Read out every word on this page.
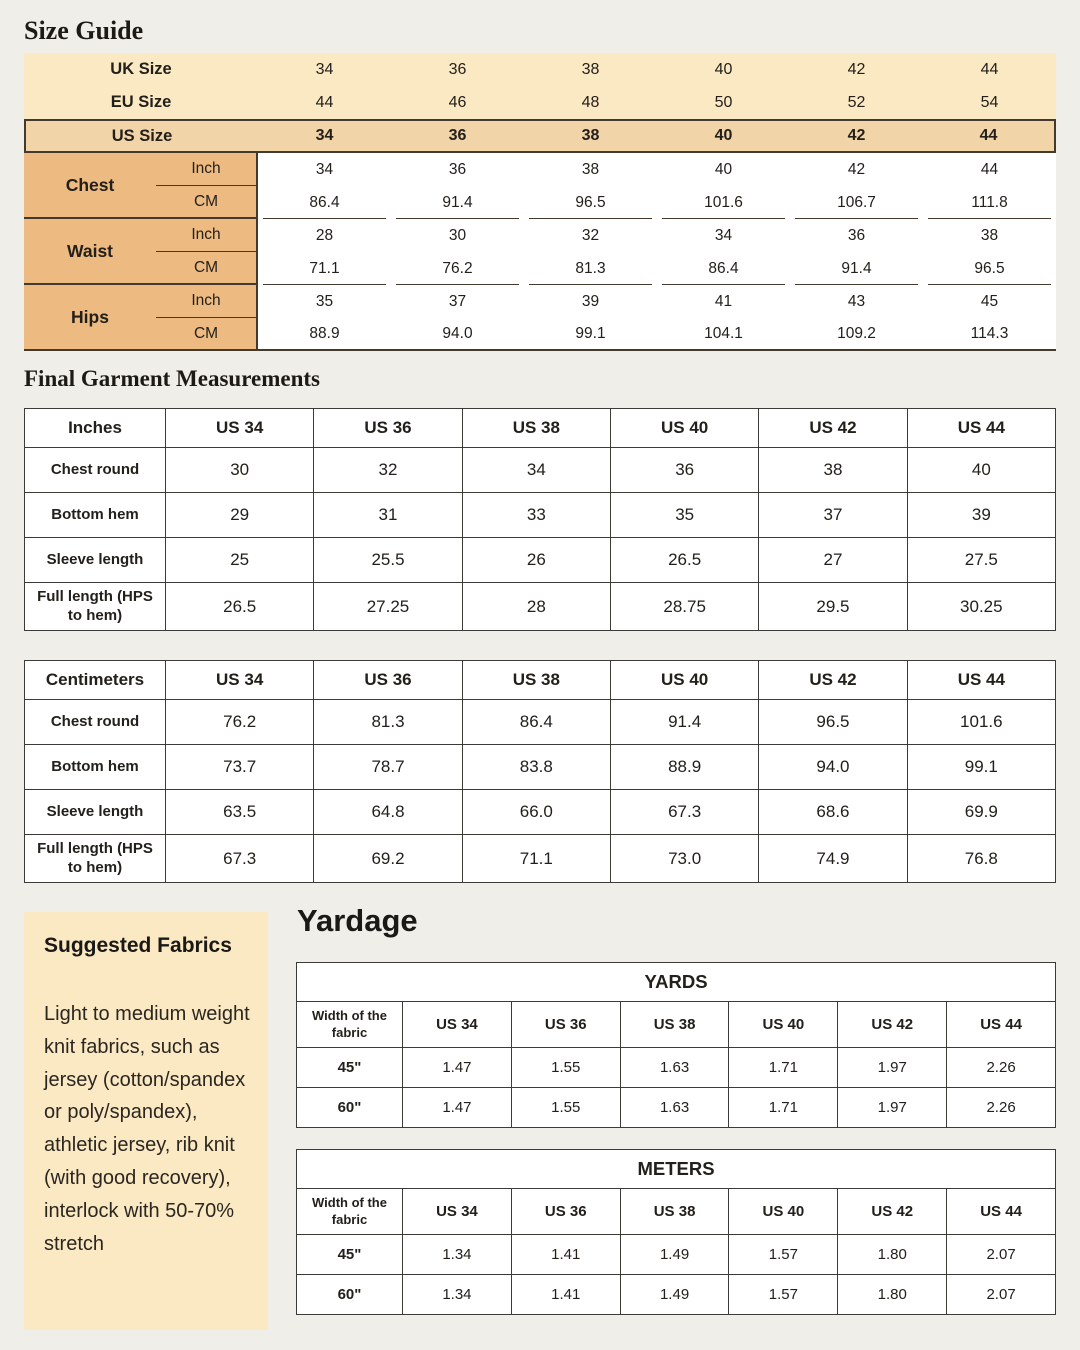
Size Guide
UK Size	34	36	38	40	42	44
EU Size	44	46	48	50	52	54
US Size	34	36	38	40	42	44
Chest
Inch	34	36	38	40	42	44
CM	86.4	91.4	96.5	101.6	106.7	111.8
Waist
Inch	28	30	32	34	36	38
CM	71.1	76.2	81.3	86.4	91.4	96.5
Hips
Inch	35	37	39	41	43	45
CM	88.9	94.0	99.1	104.1	109.2	114.3
Final Garment Measurements
Inches	US 34	US 36	US 38	US 40	US 42	US 44
Chest round	30	32	34	36	38	40
Bottom hem	29	31	33	35	37	39
Sleeve length	25	25.5	26	26.5	27	27.5
Full length (HPS to hem)	26.5	27.25	28	28.75	29.5	30.25
Centimeters	US 34	US 36	US 38	US 40	US 42	US 44
Chest round	76.2	81.3	86.4	91.4	96.5	101.6
Bottom hem	73.7	78.7	83.8	88.9	94.0	99.1
Sleeve length	63.5	64.8	66.0	67.3	68.6	69.9
Full length (HPS to hem)	67.3	69.2	71.1	73.0	74.9	76.8
Suggested Fabrics

Light to medium weight knit fabrics, such as jersey (cotton/spandex or poly/spandex), athletic jersey, rib knit (with good recovery), interlock with 50-70% stretch

Yardage
YARDS						
Width of the fabric	US 34	US 36	US 38	US 40	US 42	US 44
45"	1.47	1.55	1.63	1.71	1.97	2.26
60"	1.47	1.55	1.63	1.71	1.97	2.26
METERS						
Width of the fabric	US 34	US 36	US 38	US 40	US 42	US 44
45"	1.34	1.41	1.49	1.57	1.80	2.07
60"	1.34	1.41	1.49	1.57	1.80	2.07
